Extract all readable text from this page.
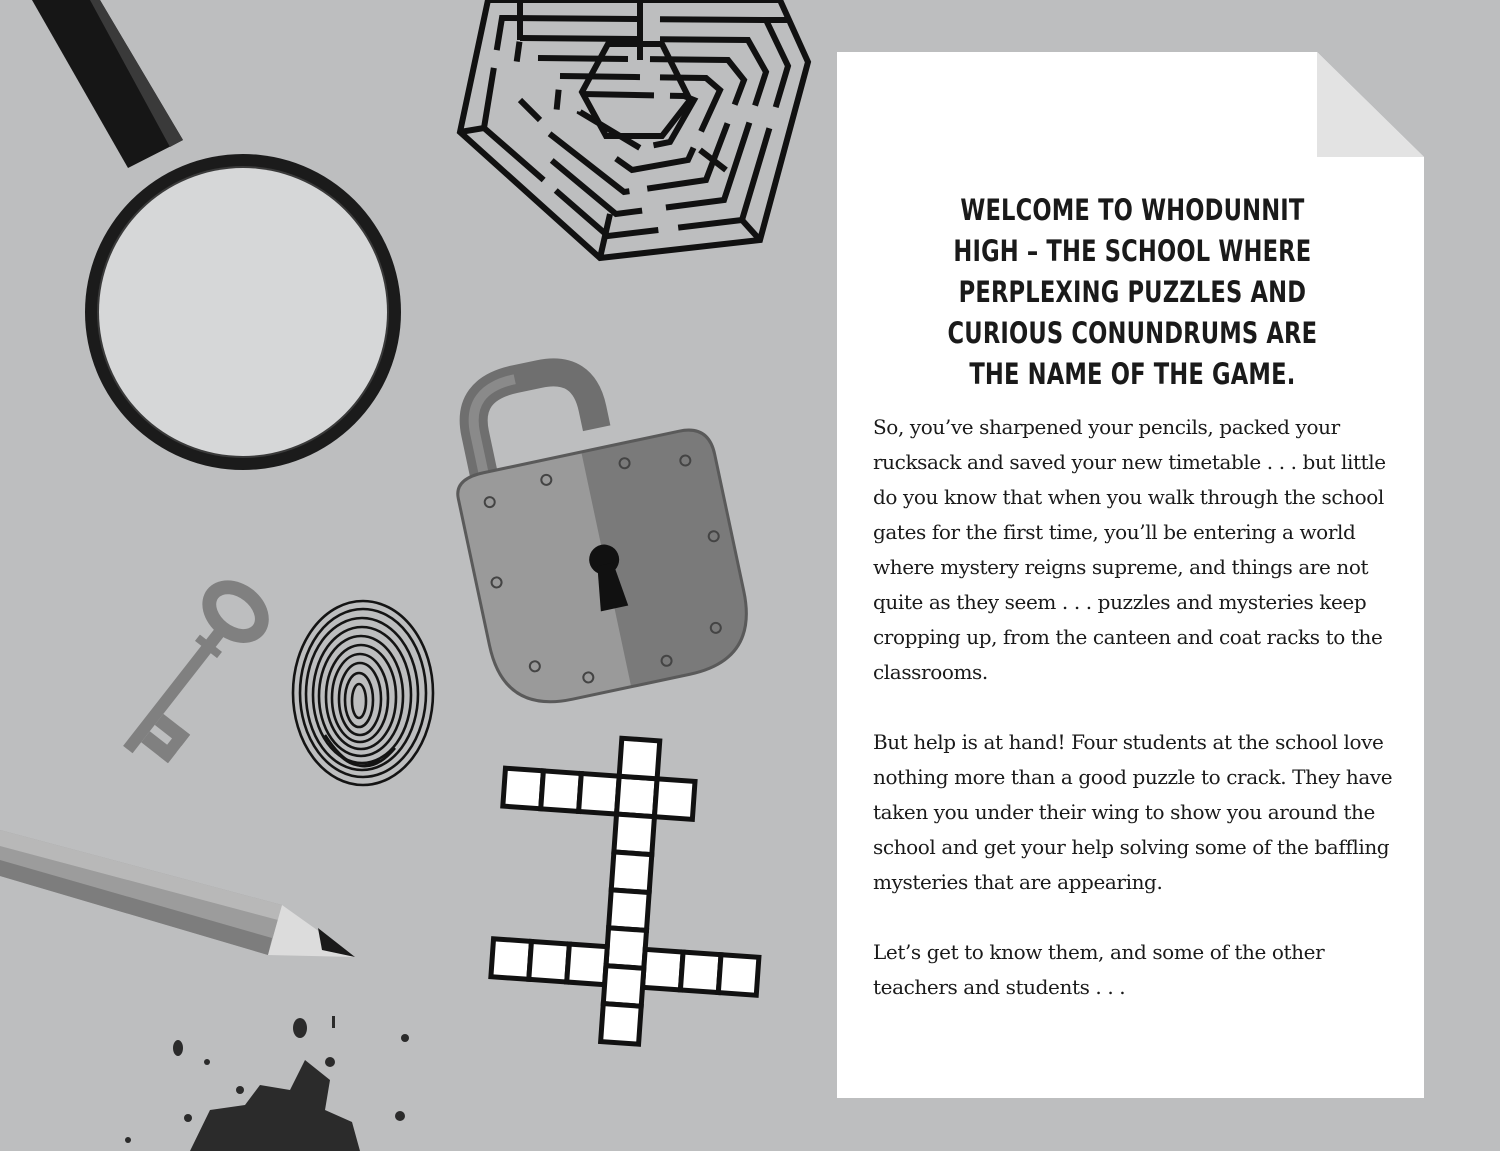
WELCOME TO WHODUNNIT HIGH – THE SCHOOL WHERE PERPLEXING PUZZLES AND CURIOUS CONUNDRUMS ARE THE NAME OF THE GAME.

So, you’ve sharpened your pencils, packed your rucksack and saved your new timetable . . . but little do you know that when you walk through the school gates for the first time, you’ll be entering a world where mystery reigns supreme, and things are not quite as they seem . . . puzzles and mysteries keep cropping up, from the canteen and coat racks to the classrooms.

But help is at hand! Four students at the school love nothing more than a good puzzle to crack. They have taken you under their wing to show you around the school and get your help solving some of the baffling mysteries that are appearing.

Let’s get to know them, and some of the other teachers and students . . .
